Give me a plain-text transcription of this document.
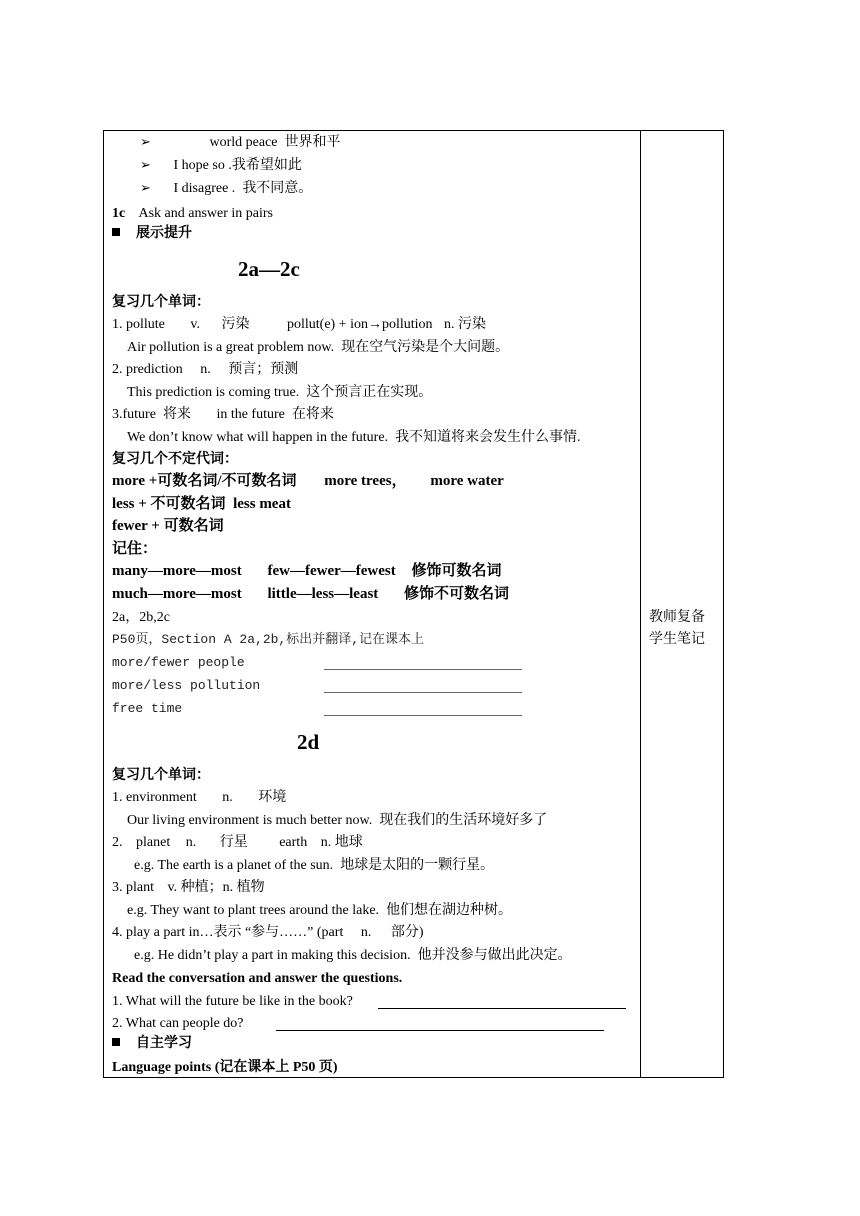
➢	world peace 世界和平
➢ I hope so .我希望如此
➢ I disagree . 我不同意。
1c Ask and answer in pairs
展示提升
2a—2c
复习几个单词：
1. pollute v. 污染	pollut(e) + ion→pollution n. 污染
Air pollution is a great problem now. 现在空气污染是个大问题。
2. prediction n. 预言；预测
This prediction is coming true. 这个预言正在实现。
3.future 将来 in the future 在将来
We don’t know what will happen in the future. 我不知道将来会发生什么事情.
复习几个不定代词：
more +可数名词/不可数名词 more trees， more water
less + 不可数名词 less meat
fewer + 可数名词
记住：
many—more—most few—fewer—fewest 修饰可数名词
much—more—most little—less—least 修饰不可数名词
2a，2b,2c
P50页，Section A 2a,2b,标出并翻译,记在课本上
more/fewer people
more/less pollution
free time
2d
复习几个单词：
1. environment n. 环境
Our living environment is much better now. 现在我们的生活环境好多了
2. planet n. 行星 earth n. 地球
e.g. The earth is a planet of the sun. 地球是太阳的一颗行星。
3. plant v. 种植；n. 植物
e.g. They want to plant trees around the lake. 他们想在湖边种树。
4. play a part in…表示 “参与……” (part n. 部分)
e.g. He didn’t play a part in making this decision. 他并没参与做出此决定。
Read the conversation and answer the questions.
1. What will the future be like in the book?
2. What can people do?
自主学习
Language points (记在课本上 P50 页)
教师复备
学生笔记
